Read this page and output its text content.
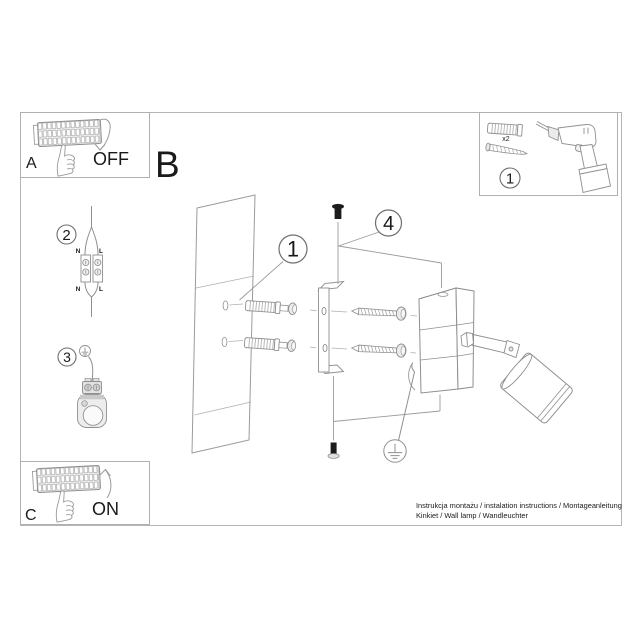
A	OFF B
2
N	L
N	L
3
C	ON
x2
1
1
4
Instrukcja montażu / instalation instructions / Montageanleitung
Kinkiet / Wall lamp / Wandleuchter
